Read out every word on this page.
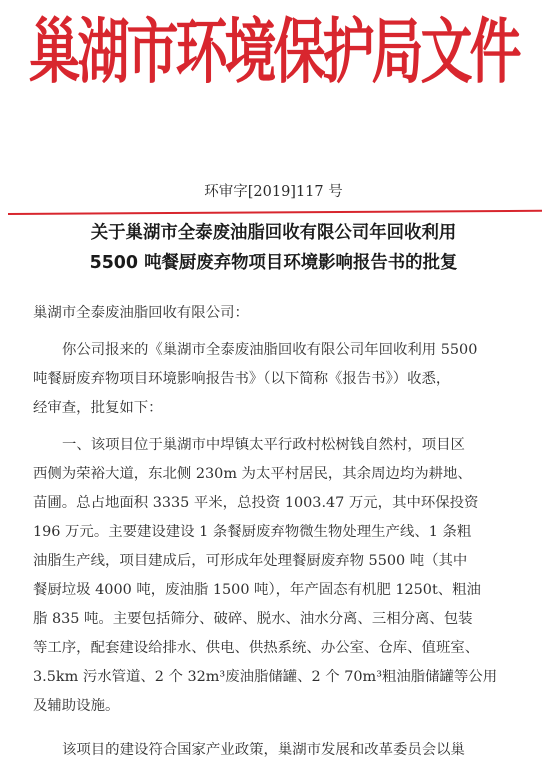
巢湖市环境保护局文件
环审字[2019]117 号
关于巢湖市全泰废油脂回收有限公司年回收利用
5500 吨餐厨废弃物项目环境影响报告书的批复
巢湖市全泰废油脂回收有限公司：
你公司报来的《巢湖市全泰废油脂回收有限公司年回收利用 5500
吨餐厨废弃物项目环境影响报告书》（以下简称《报告书》）收悉，
经审查，批复如下：
一、该项目位于巢湖市中垾镇太平行政村松树钱自然村，项目区
西侧为荣裕大道，东北侧 230m 为太平村居民，其余周边均为耕地、
苗圃。总占地面积 3335 平米，总投资 1003.47 万元，其中环保投资
196 万元。主要建设建设 1 条餐厨废弃物微生物处理生产线、1 条粗
油脂生产线，项目建成后，可形成年处理餐厨废弃物 5500 吨（其中
餐厨垃圾 4000 吨，废油脂 1500 吨），年产固态有机肥 1250t、粗油
脂 835 吨。主要包括筛分、破碎、脱水、油水分离、三相分离、包装
等工序，配套建设给排水、供电、供热系统、办公室、仓库、值班室、
3.5km 污水管道、2 个 32m³废油脂储罐、2 个 70m³粗油脂储罐等公用
及辅助设施。
该项目的建设符合国家产业政策，巢湖市发展和改革委员会以巢
